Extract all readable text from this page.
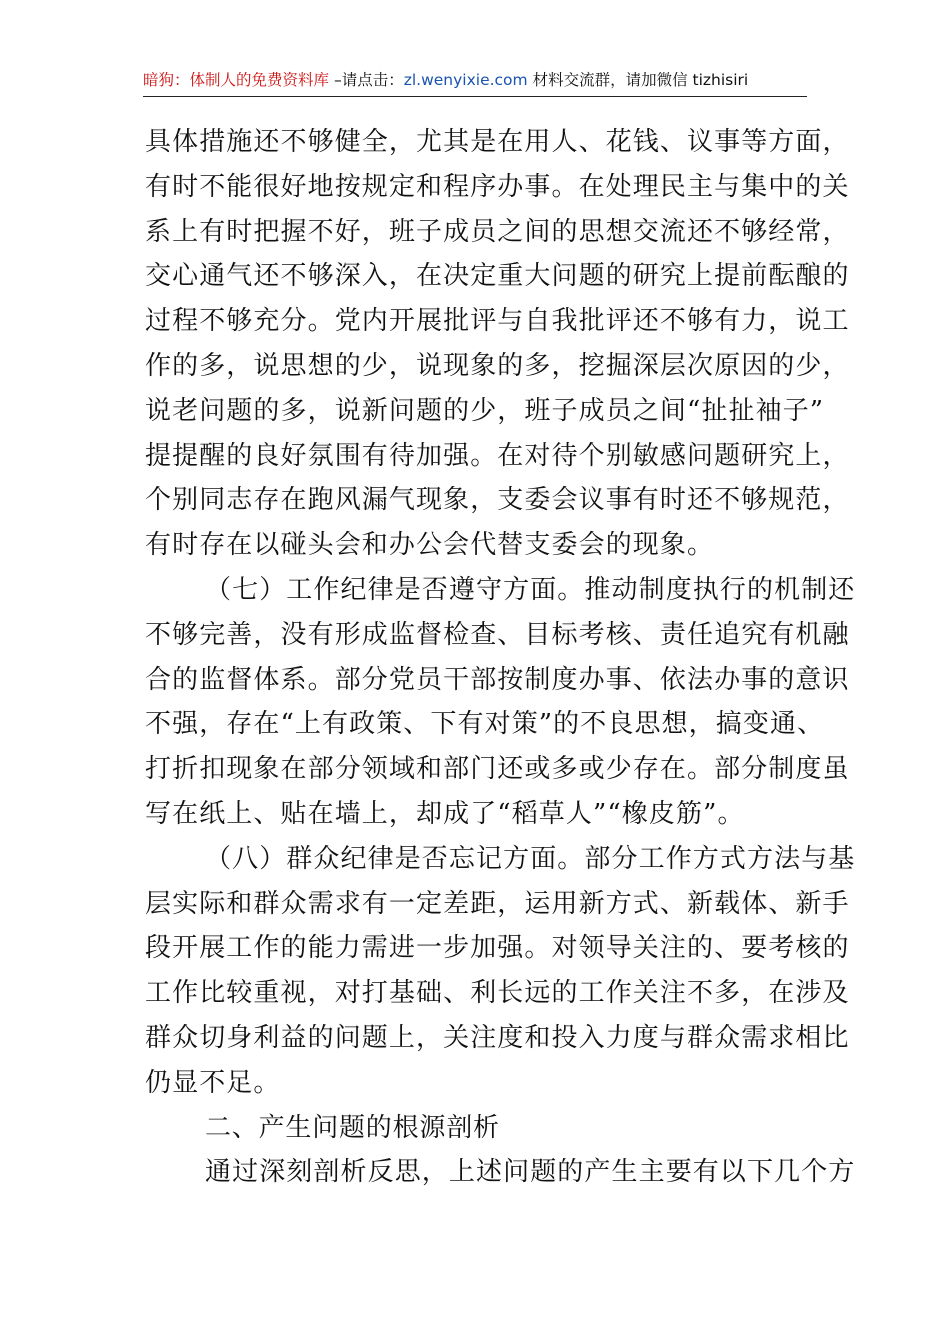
暗狗：体制人的免费资料库 –请点击：zl.wenyixie.com 材料交流群，请加微信 tizhisiri
具体措施还不够健全，尤其是在用人、花钱、议事等方面，
有时不能很好地按规定和程序办事。在处理民主与集中的关
系上有时把握不好，班子成员之间的思想交流还不够经常，
交心通气还不够深入，在决定重大问题的研究上提前酝酿的
过程不够充分。党内开展批评与自我批评还不够有力，说工
作的多，说思想的少，说现象的多，挖掘深层次原因的少，
说老问题的多，说新问题的少，班子成员之间“扯扯袖子”
提提醒的良好氛围有待加强。在对待个别敏感问题研究上，
个别同志存在跑风漏气现象，支委会议事有时还不够规范，
有时存在以碰头会和办公会代替支委会的现象。
（七）工作纪律是否遵守方面。推动制度执行的机制还
不够完善，没有形成监督检查、目标考核、责任追究有机融
合的监督体系。部分党员干部按制度办事、依法办事的意识
不强，存在“上有政策、下有对策”的不良思想，搞变通、
打折扣现象在部分领域和部门还或多或少存在。部分制度虽
写在纸上、贴在墙上，却成了“稻草人”“橡皮筋”。
（八）群众纪律是否忘记方面。部分工作方式方法与基
层实际和群众需求有一定差距，运用新方式、新载体、新手
段开展工作的能力需进一步加强。对领导关注的、要考核的
工作比较重视，对打基础、利长远的工作关注不多，在涉及
群众切身利益的问题上，关注度和投入力度与群众需求相比
仍显不足。
二、产生问题的根源剖析
通过深刻剖析反思，上述问题的产生主要有以下几个方
